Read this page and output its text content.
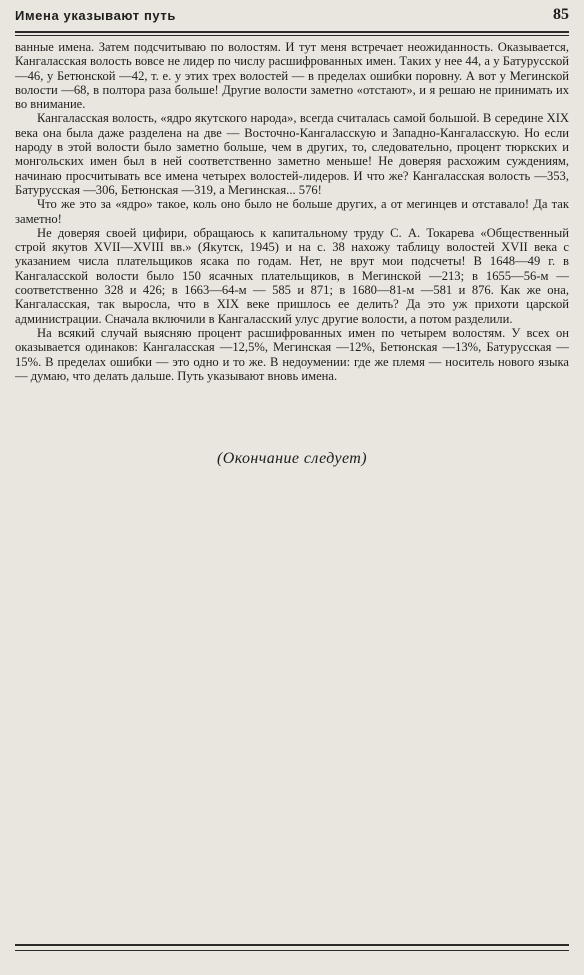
Имена указывают путь	85

ванные имена. Затем подсчитываю по волостям. И тут меня встречает неожиданность. Оказывается, Кангаласская волость вовсе не лидер по числу расшифрованных имен. Таких у нее 44, а у Батурусской —46, у Бетюнской —42, т. е. у этих трех волостей — в пределах ошибки поровну. А вот у Мегинской волости —68, в полтора раза больше! Другие волости заметно «отстают», и я решаю не принимать их во внимание.

Кангаласская волость, «ядро якутского народа», всегда считалась самой большой. В середине XIX века она была даже разделена на две — Восточно-Кангаласскую и Западно-Кангаласскую. Но если народу в этой волости было заметно больше, чем в других, то, следовательно, процент тюркских и монгольских имен был в ней соответственно заметно меньше! Не доверяя расхожим суждениям, начинаю просчитывать все имена четырех волостей-лидеров. И что же? Кангаласская волость —353, Батурусская —306, Бетюнская —319, а Мегинская... 576!

Что же это за «ядро» такое, коль оно было не больше других, а от мегинцев и отставало! Да так заметно!

Не доверяя своей цифири, обращаюсь к капитальному труду С. А. Токарева «Общественный строй якутов XVII—XVIII вв.» (Якутск, 1945) и на с. 38 нахожу таблицу волостей XVII века с указанием числа плательщиков ясака по годам. Нет, не врут мои подсчеты! В 1648—49 г. в Кангаласской волости было 150 ясачных плательщиков, в Мегинской —213; в 1655—56-м — соответственно 328 и 426; в 1663—64-м — 585 и 871; в 1680—81-м —581 и 876. Как же она, Кангаласская, так выросла, что в XIX веке пришлось ее делить? Да это уж прихоти царской администрации. Сначала включили в Кангаласский улус другие волости, а потом разделили.

На всякий случай выясняю процент расшифрованных имен по четырем волостям. У всех он оказывается одинаков: Кангаласская —12,5%, Мегинская —12%, Бетюнская —13%, Батурусская —15%. В пределах ошибки — это одно и то же. В недоумении: где же племя — носитель нового языка — думаю, что делать дальше. Путь указывают вновь имена.

(Окончание следует)
